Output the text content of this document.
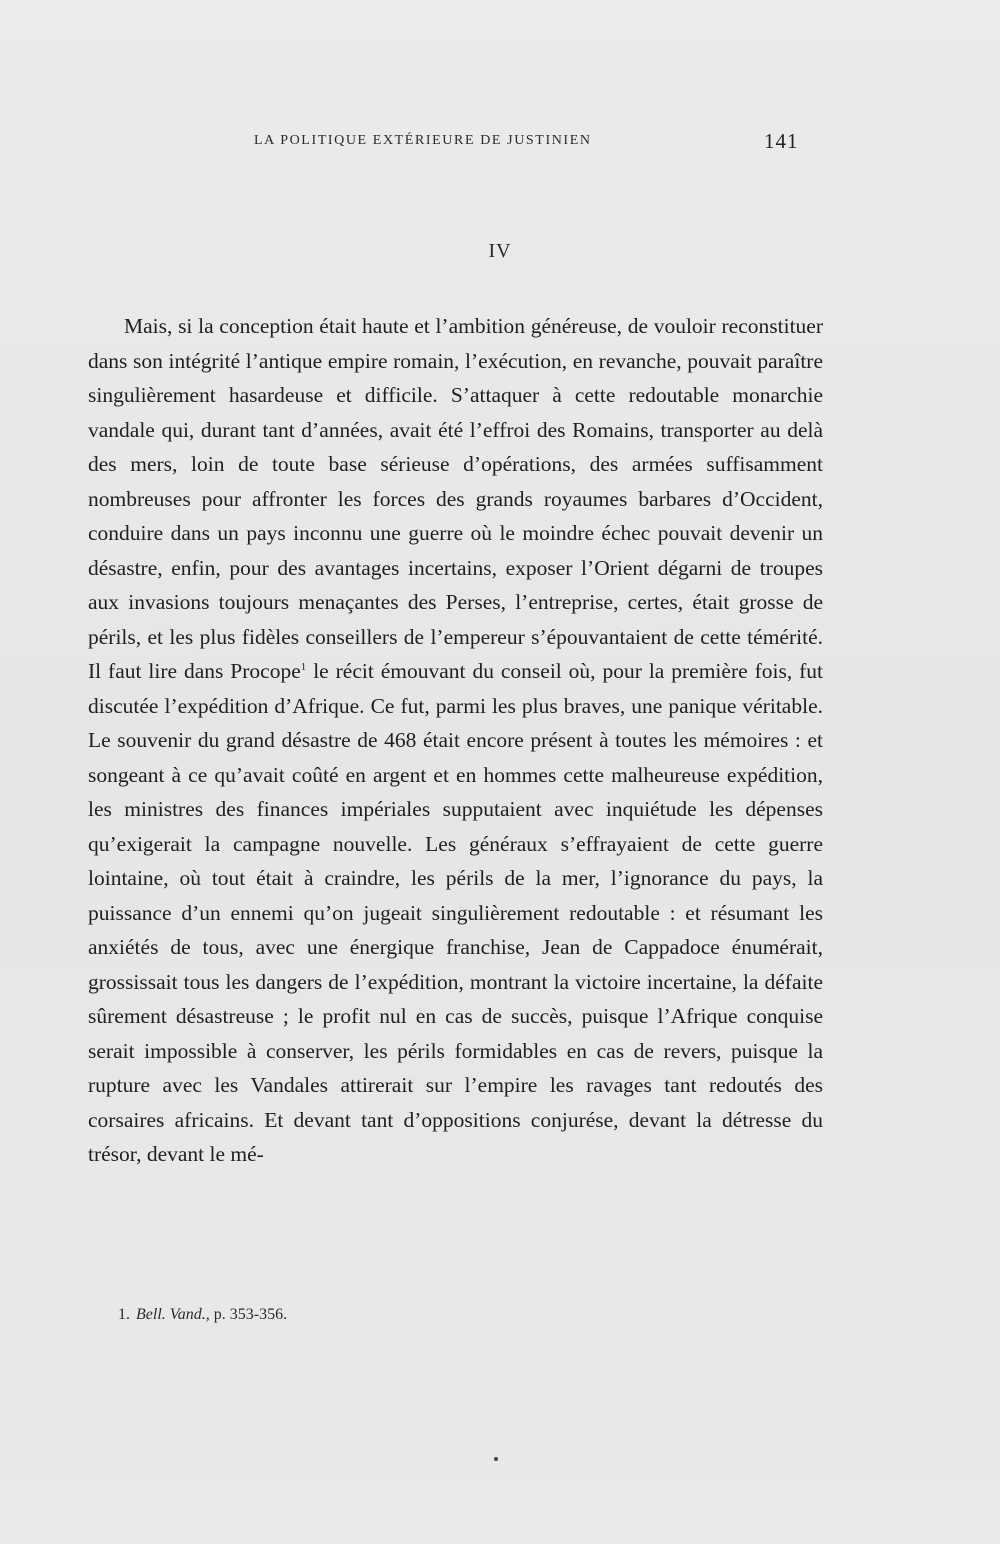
LA POLITIQUE EXTÉRIEURE DE JUSTINIEN	141
IV

Mais, si la conception était haute et l’ambition généreuse, de vouloir reconstituer dans son intégrité l’antique empire romain, l’exécution, en revanche, pouvait paraître singulièrement hasardeuse et difficile. S’attaquer à cette redoutable monarchie vandale qui, durant tant d’années, avait été l’effroi des Romains, transporter au delà des mers, loin de toute base sérieuse d’opérations, des armées suffisamment nombreuses pour affronter les forces des grands royaumes barbares d’Occident, conduire dans un pays inconnu une guerre où le moindre échec pouvait devenir un désastre, enfin, pour des avantages incertains, exposer l’Orient dégarni de troupes aux invasions toujours menaçantes des Perses, l’entreprise, certes, était grosse de périls, et les plus fidèles conseillers de l’empereur s’épouvantaient de cette témérité. Il faut lire dans Procope$^1$ le récit émouvant du conseil où, pour la première fois, fut discutée l’expédition d’Afrique. Ce fut, parmi les plus braves, une panique véritable. Le souvenir du grand désastre de 468 était encore présent à toutes les mémoires : et songeant à ce qu’avait coûté en argent et en hommes cette malheureuse expédition, les ministres des finances impériales supputaient avec inquiétude les dépenses qu’exigerait la campagne nouvelle. Les généraux s’effrayaient de cette guerre lointaine, où tout était à craindre, les périls de la mer, l’ignorance du pays, la puissance d’un ennemi qu’on jugeait singulièrement redoutable : et résumant les anxiétés de tous, avec une énergique franchise, Jean de Cappadoce énumérait, grossissait tous les dangers de l’expédition, montrant la victoire incertaine, la défaite sûrement désastreuse ; le profit nul en cas de succès, puisque l’Afrique conquise serait impossible à conserver, les périls formidables en cas de revers, puisque la rupture avec les Vandales attirerait sur l’empire les ravages tant redoutés des corsaires africains. Et devant tant d’oppositions conjurése, devant la détresse du trésor, devant le mé-

1. Bell. Vand., p. 353-356.
